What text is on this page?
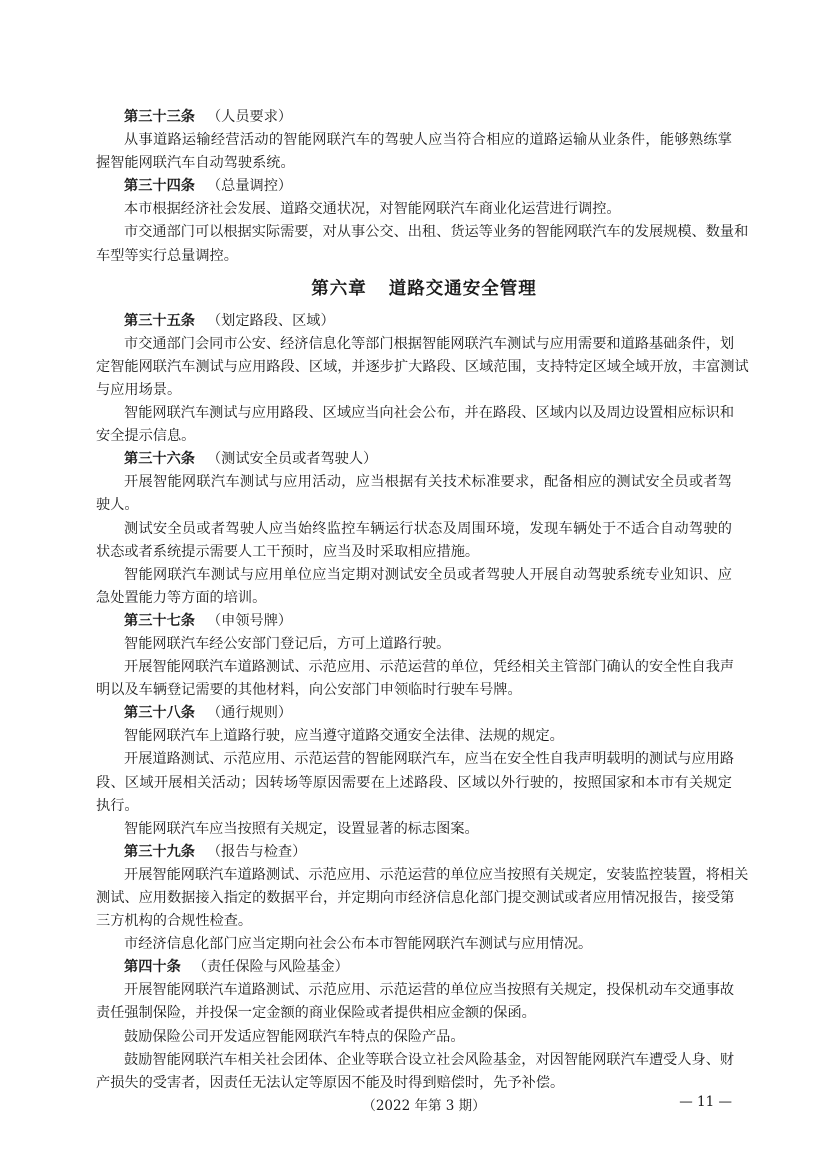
第三十三条 （人员要求）
从事道路运输经营活动的智能网联汽车的驾驶人应当符合相应的道路运输从业条件，能够熟练掌
握智能网联汽车自动驾驶系统。
第三十四条 （总量调控）
本市根据经济社会发展、道路交通状况，对智能网联汽车商业化运营进行调控。
市交通部门可以根据实际需要，对从事公交、出租、货运等业务的智能网联汽车的发展规模、数量和
车型等实行总量调控。
第六章 道路交通安全管理
第三十五条 （划定路段、区域）
市交通部门会同市公安、经济信息化等部门根据智能网联汽车测试与应用需要和道路基础条件，划
定智能网联汽车测试与应用路段、区域，并逐步扩大路段、区域范围，支持特定区域全域开放，丰富测试
与应用场景。
智能网联汽车测试与应用路段、区域应当向社会公布，并在路段、区域内以及周边设置相应标识和
安全提示信息。
第三十六条 （测试安全员或者驾驶人）
开展智能网联汽车测试与应用活动，应当根据有关技术标准要求，配备相应的测试安全员或者驾
驶人。
测试安全员或者驾驶人应当始终监控车辆运行状态及周围环境，发现车辆处于不适合自动驾驶的
状态或者系统提示需要人工干预时，应当及时采取相应措施。
智能网联汽车测试与应用单位应当定期对测试安全员或者驾驶人开展自动驾驶系统专业知识、应
急处置能力等方面的培训。
第三十七条 （申领号牌）
智能网联汽车经公安部门登记后，方可上道路行驶。
开展智能网联汽车道路测试、示范应用、示范运营的单位，凭经相关主管部门确认的安全性自我声
明以及车辆登记需要的其他材料，向公安部门申领临时行驶车号牌。
第三十八条 （通行规则）
智能网联汽车上道路行驶，应当遵守道路交通安全法律、法规的规定。
开展道路测试、示范应用、示范运营的智能网联汽车，应当在安全性自我声明载明的测试与应用路
段、区域开展相关活动；因转场等原因需要在上述路段、区域以外行驶的，按照国家和本市有关规定
执行。
智能网联汽车应当按照有关规定，设置显著的标志图案。
第三十九条 （报告与检查）
开展智能网联汽车道路测试、示范应用、示范运营的单位应当按照有关规定，安装监控装置，将相关
测试、应用数据接入指定的数据平台，并定期向市经济信息化部门提交测试或者应用情况报告，接受第
三方机构的合规性检查。
市经济信息化部门应当定期向社会公布本市智能网联汽车测试与应用情况。
第四十条 （责任保险与风险基金）
开展智能网联汽车道路测试、示范应用、示范运营的单位应当按照有关规定，投保机动车交通事故
责任强制保险，并投保一定金额的商业保险或者提供相应金额的保函。
鼓励保险公司开发适应智能网联汽车特点的保险产品。
鼓励智能网联汽车相关社会团体、企业等联合设立社会风险基金，对因智能网联汽车遭受人身、财
产损失的受害者，因责任无法认定等原因不能及时得到赔偿时，先予补偿。
（2022 年第 3 期）	— 11 —
